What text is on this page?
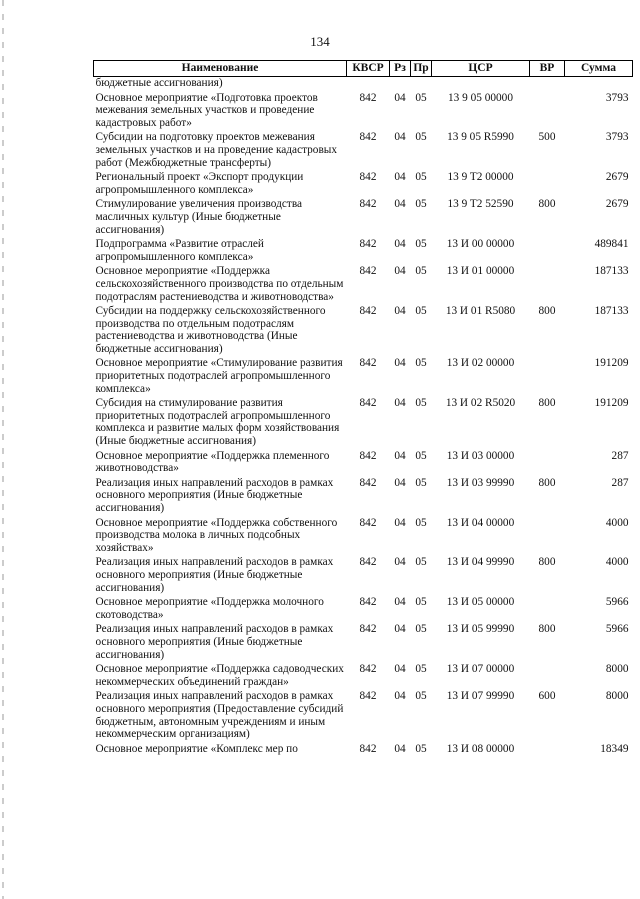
134
Наименование	КВСР	Рз	Пр	ЦСР	ВР	Сумма
бюджетные ассигнования)						
Основное мероприятие «Подготовка проектов межевания земельных участков и проведение кадастровых работ»	842	04	05	13 9 05 00000		3793
Субсидии на подготовку проектов межевания земельных участков и на проведение кадастровых работ (Межбюджетные трансферты)	842	04	05	13 9 05 R5990	500	3793
Региональный проект «Экспорт продукции агропромышленного комплекса»	842	04	05	13 9 T2 00000		2679
Стимулирование увеличения производства масличных культур (Иные бюджетные ассигнования)	842	04	05	13 9 T2 52590	800	2679
Подпрограмма «Развитие отраслей агропромышленного комплекса»	842	04	05	13 И 00 00000		489841
Основное мероприятие «Поддержка сельскохозяйственного производства по отдельным подотраслям растениеводства и животноводства»	842	04	05	13 И 01 00000		187133
Субсидии на поддержку сельскохозяйственного производства по отдельным подотраслям растениеводства и животноводства (Иные бюджетные ассигнования)	842	04	05	13 И 01 R5080	800	187133
Основное мероприятие «Стимулирование развития приоритетных подотраслей агропромышленного комплекса»	842	04	05	13 И 02 00000		191209
Субсидия на стимулирование развития приоритетных подотраслей агропромышленного комплекса и развитие малых форм хозяйствования (Иные бюджетные ассигнования)	842	04	05	13 И 02 R5020	800	191209
Основное мероприятие «Поддержка племенного животноводства»	842	04	05	13 И 03 00000		287
Реализация иных направлений расходов в рамках основного мероприятия (Иные бюджетные ассигнования)	842	04	05	13 И 03 99990	800	287
Основное мероприятие «Поддержка собственного производства молока в личных подсобных хозяйствах»	842	04	05	13 И 04 00000		4000
Реализация иных направлений расходов в рамках основного мероприятия (Иные бюджетные ассигнования)	842	04	05	13 И 04 99990	800	4000
Основное мероприятие «Поддержка молочного скотоводства»	842	04	05	13 И 05 00000		5966
Реализация иных направлений расходов в рамках основного мероприятия (Иные бюджетные ассигнования)	842	04	05	13 И 05 99990	800	5966
Основное мероприятие «Поддержка садоводческих некоммерческих объединений граждан»	842	04	05	13 И 07 00000		8000
Реализация иных направлений расходов в рамках основного мероприятия (Предоставление субсидий бюджетным, автономным учреждениям и иным некоммерческим организациям)	842	04	05	13 И 07 99990	600	8000
Основное мероприятие «Комплекс мер по	842	04	05	13 И 08 00000		18349
